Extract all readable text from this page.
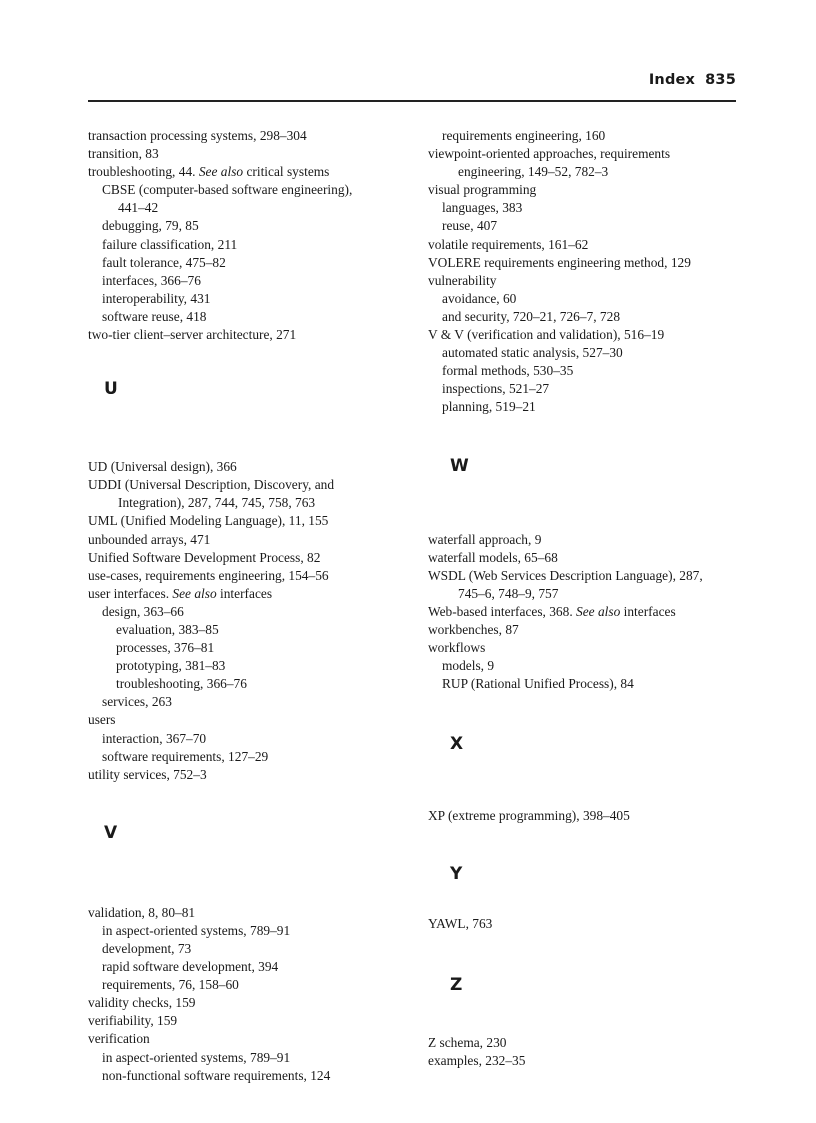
Index 835
transaction processing systems, 298–304
transition, 83
troubleshooting, 44. See also critical systems
CBSE (computer-based software engineering),
441–42
debugging, 79, 85
failure classification, 211
fault tolerance, 475–82
interfaces, 366–76
interoperability, 431
software reuse, 418
two-tier client–server architecture, 271
U
UD (Universal design), 366
UDDI (Universal Description, Discovery, and
Integration), 287, 744, 745, 758, 763
UML (Unified Modeling Language), 11, 155
unbounded arrays, 471
Unified Software Development Process, 82
use-cases, requirements engineering, 154–56
user interfaces. See also interfaces
design, 363–66
evaluation, 383–85
processes, 376–81
prototyping, 381–83
troubleshooting, 366–76
services, 263
users
interaction, 367–70
software requirements, 127–29
utility services, 752–3
V
validation, 8, 80–81
in aspect-oriented systems, 789–91
development, 73
rapid software development, 394
requirements, 76, 158–60
validity checks, 159
verifiability, 159
verification
in aspect-oriented systems, 789–91
non-functional software requirements, 124
requirements engineering, 160
viewpoint-oriented approaches, requirements
engineering, 149–52, 782–3
visual programming
languages, 383
reuse, 407
volatile requirements, 161–62
VOLERE requirements engineering method, 129
vulnerability
avoidance, 60
and security, 720–21, 726–7, 728
V & V (verification and validation), 516–19
automated static analysis, 527–30
formal methods, 530–35
inspections, 521–27
planning, 519–21
W
waterfall approach, 9
waterfall models, 65–68
WSDL (Web Services Description Language), 287,
745–6, 748–9, 757
Web-based interfaces, 368. See also interfaces
workbenches, 87
workflows
models, 9
RUP (Rational Unified Process), 84
X
XP (extreme programming), 398–405
Y
YAWL, 763
Z
Z schema, 230
examples, 232–35
